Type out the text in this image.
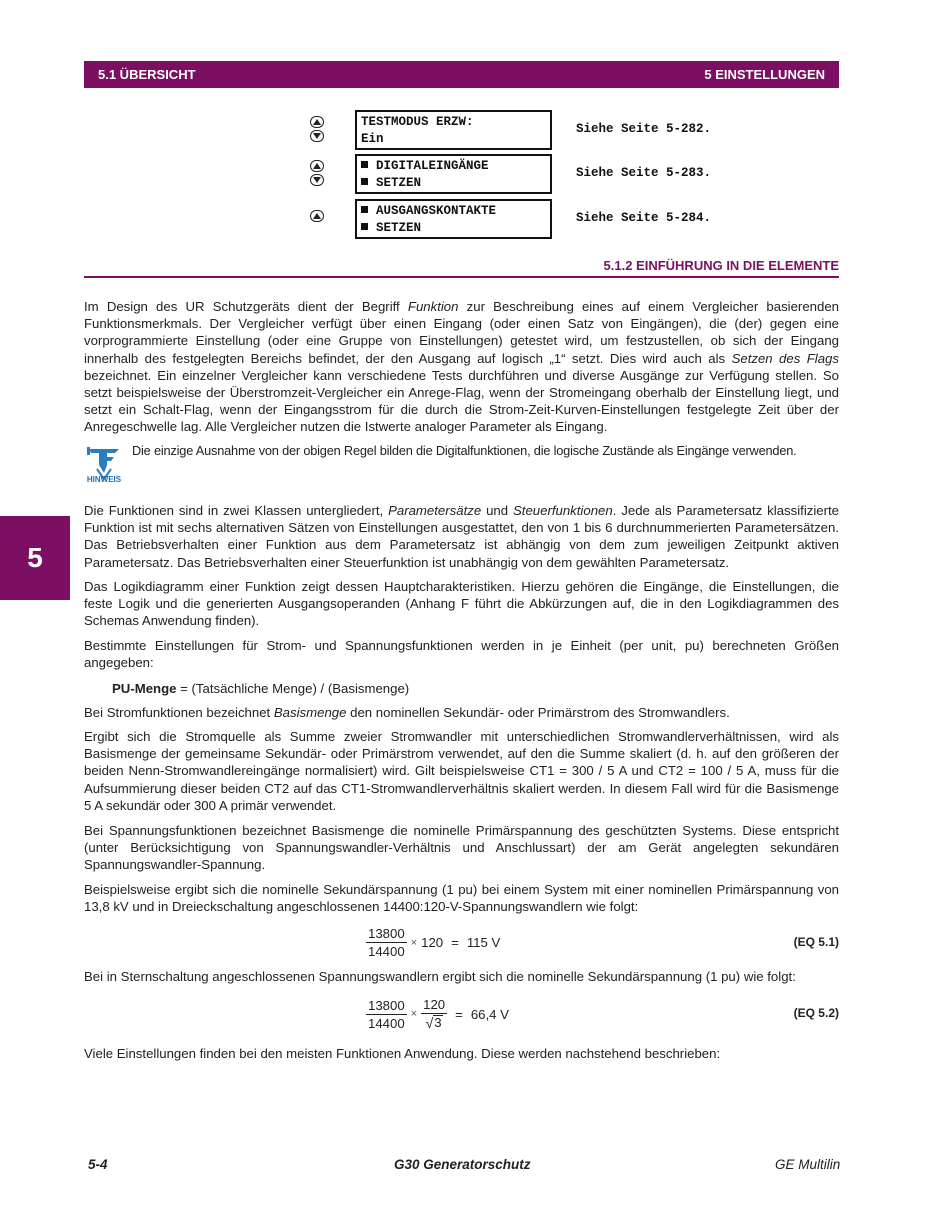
5.1 ÜBERSICHT	5 EINSTELLUNGEN
TESTMODUS ERZW:
Ein
Siehe Seite 5-282.
DIGITALEINGÄNGE
SETZEN
Siehe Seite 5-283.
AUSGANGSKONTAKTE
SETZEN
Siehe Seite 5-284.
5.1.2 EINFÜHRUNG IN DIE ELEMENTE

Im Design des UR Schutzgeräts dient der Begriff Funktion zur Beschreibung eines auf einem Vergleicher basierenden Funktionsmerkmals. Der Vergleicher verfügt über einen Eingang (oder einen Satz von Eingängen), die (der) gegen eine vorprogrammierte Einstellung (oder eine Gruppe von Einstellungen) getestet wird, um festzustellen, ob sich der Eingang innerhalb des festgelegten Bereichs befindet, der den Ausgang auf logisch „1“ setzt. Dies wird auch als Setzen des Flags bezeichnet. Ein einzelner Vergleicher kann verschiedene Tests durchführen und diverse Ausgänge zur Verfügung stellen. So setzt beispielsweise der Überstromzeit-Vergleicher ein Anrege-Flag, wenn der Stromeingang oberhalb der Einstellung liegt, und setzt ein Schalt-Flag, wenn der Eingangsstrom für die durch die Strom-Zeit-Kurven-Einstellungen festgelegte Zeit über der Anregeschwelle lag. Alle Vergleicher nutzen die Istwerte analoger Parameter als Eingang.

HINWEIS
Die einzige Ausnahme von der obigen Regel bilden die Digitalfunktionen, die logische Zustände als Eingänge verwenden.
5

Die Funktionen sind in zwei Klassen untergliedert, Parametersätze und Steuerfunktionen. Jede als Parametersatz klassifizierte Funktion ist mit sechs alternativen Sätzen von Einstellungen ausgestattet, den von 1 bis 6 durchnummerierten Parametersätzen. Das Betriebsverhalten einer Funktion aus dem Parametersatz ist abhängig von dem zum jeweiligen Zeitpunkt aktiven Parametersatz. Das Betriebsverhalten einer Steuerfunktion ist unabhängig von dem gewählten Parametersatz.

Das Logikdiagramm einer Funktion zeigt dessen Hauptcharakteristiken. Hierzu gehören die Eingänge, die Einstellungen, die feste Logik und die generierten Ausgangsoperanden (Anhang F führt die Abkürzungen auf, die in den Logikdiagrammen des Schemas Anwendung finden).

Bestimmte Einstellungen für Strom- und Spannungsfunktionen werden in je Einheit (per unit, pu) berechneten Größen angegeben:

PU-Menge = (Tatsächliche Menge) / (Basismenge)

Bei Stromfunktionen bezeichnet Basismenge den nominellen Sekundär- oder Primärstrom des Stromwandlers.

Ergibt sich die Stromquelle als Summe zweier Stromwandler mit unterschiedlichen Stromwandlerverhältnissen, wird als Basismenge der gemeinsame Sekundär- oder Primärstrom verwendet, auf den die Summe skaliert (d. h. auf den größeren der beiden Nenn-Stromwandlereingänge normalisiert) wird. Gilt beispielsweise CT1 = 300 / 5 A und CT2 = 100 / 5 A, muss für die Aufsummierung dieser beiden CT2 auf das CT1-Stromwandlerverhältnis skaliert werden. In diesem Fall wird für die Basismenge 5 A sekundär oder 300 A primär verwendet.

Bei Spannungsfunktionen bezeichnet Basismenge die nominelle Primärspannung des geschützten Systems. Diese entspricht (unter Berücksichtigung von Spannungswandler-Verhältnis und Anschlussart) der am Gerät angelegten sekundären Spannungswandler-Spannung.

Beispielsweise ergibt sich die nominelle Sekundärspannung (1 pu) bei einem System mit einer nominellen Primärspannung von 13,8 kV und in Dreieckschaltung angeschlossenen 14400:120-V-Spannungswandlern wie folgt:

$\frac{13800}{14400} \times 120 = 115$ V	(EQ 5.1)

Bei in Sternschaltung angeschlossenen Spannungswandlern ergibt sich die nominelle Sekundärspannung (1 pu) wie folgt:

$\frac{13800}{14400} \times \frac{120}{√ 3} = 66,4$ V	(EQ 5.2)

Viele Einstellungen finden bei den meisten Funktionen Anwendung. Diese werden nachstehend beschrieben:

5-4	G30 Generatorschutz	GE Multilin
